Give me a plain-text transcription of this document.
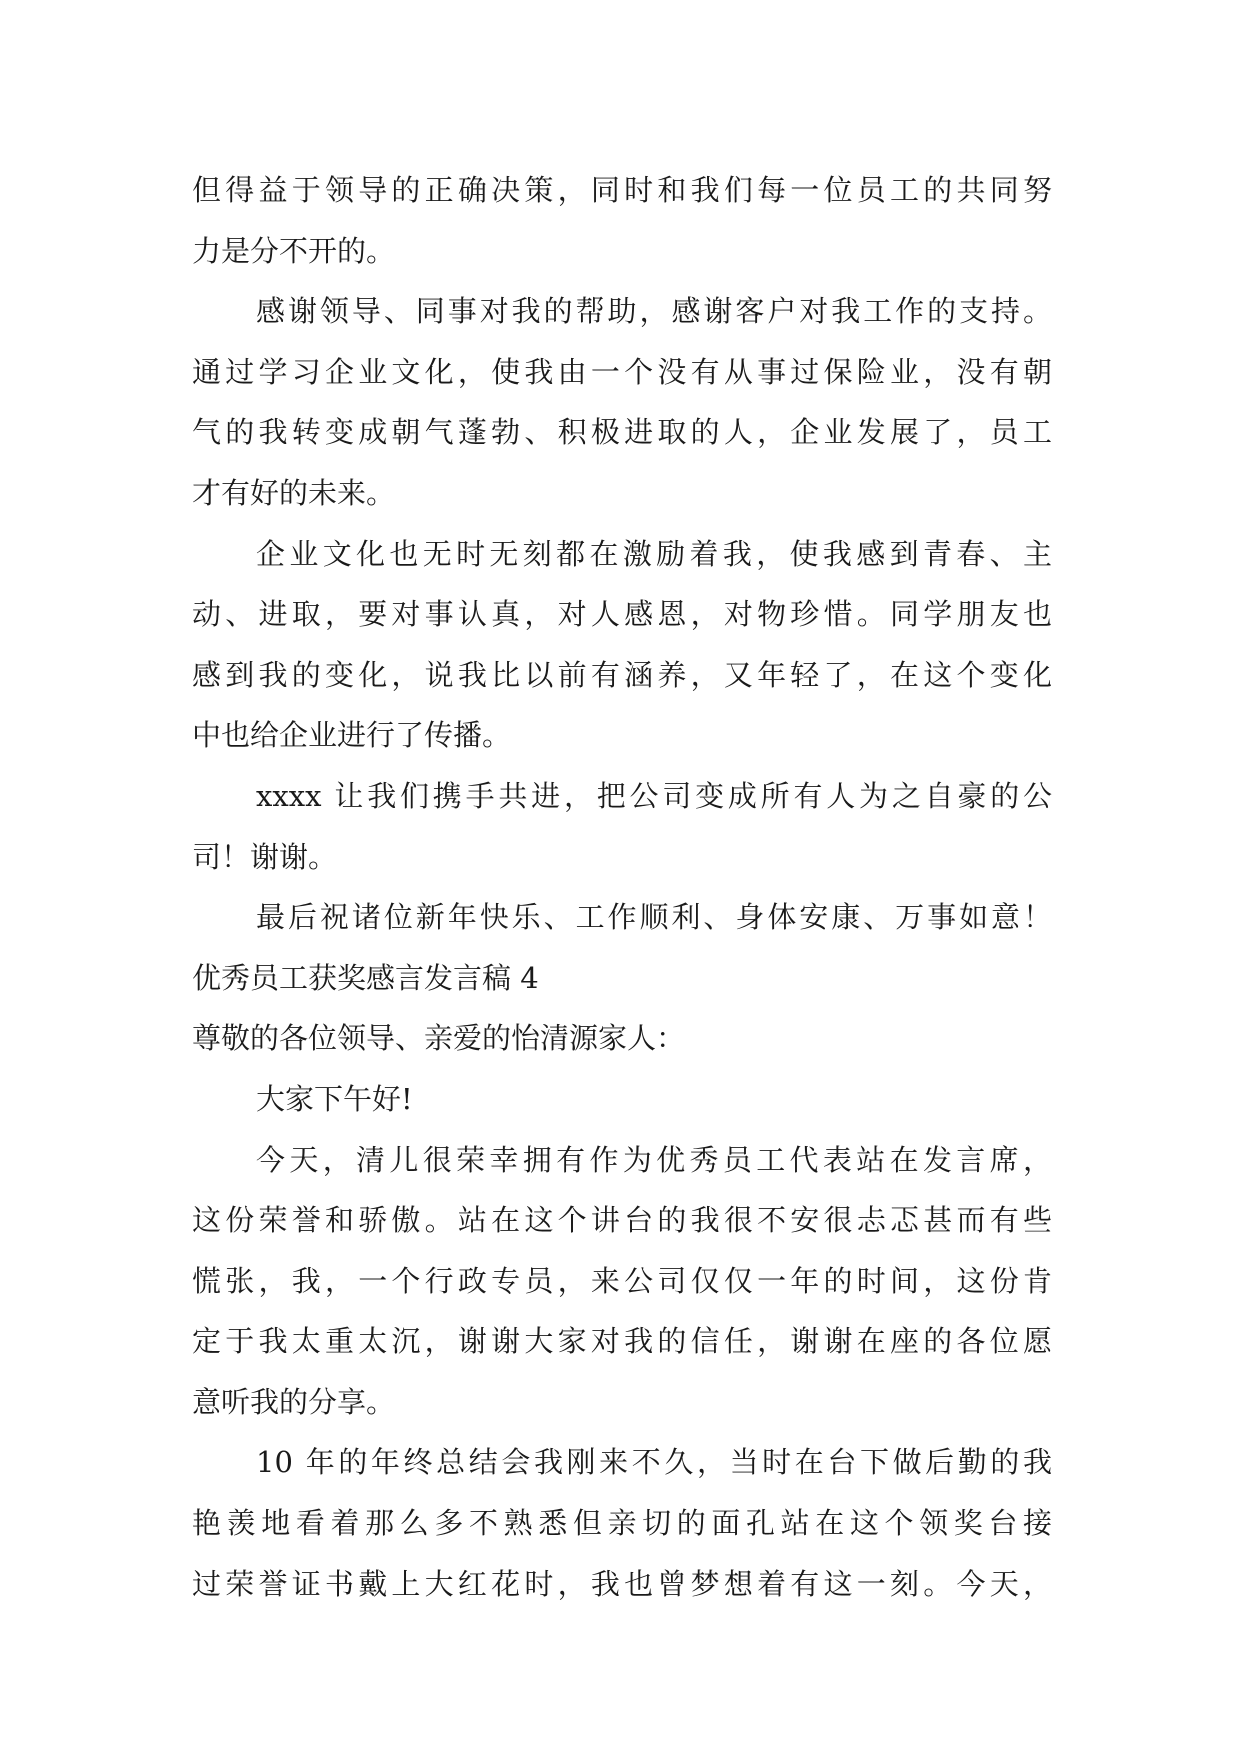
但得益于领导的正确决策，同时和我们每一位员工的共同努
力是分不开的。
感谢领导、同事对我的帮助，感谢客户对我工作的支持。
通过学习企业文化，使我由一个没有从事过保险业，没有朝
气的我转变成朝气蓬勃、积极进取的人，企业发展了，员工
才有好的未来。
企业文化也无时无刻都在激励着我，使我感到青春、主
动、进取，要对事认真，对人感恩，对物珍惜。同学朋友也
感到我的变化，说我比以前有涵养，又年轻了，在这个变化
中也给企业进行了传播。
xxxx 让我们携手共进，把公司变成所有人为之自豪的公
司！谢谢。
最后祝诸位新年快乐、工作顺利、身体安康、万事如意！
优秀员工获奖感言发言稿 4
尊敬的各位领导、亲爱的怡清源家人：
大家下午好!
今天，清儿很荣幸拥有作为优秀员工代表站在发言席，
这份荣誉和骄傲。站在这个讲台的我很不安很忐忑甚而有些
慌张，我，一个行政专员，来公司仅仅一年的时间，这份肯
定于我太重太沉，谢谢大家对我的信任，谢谢在座的各位愿
意听我的分享。
10 年的年终总结会我刚来不久，当时在台下做后勤的我
艳羡地看着那么多不熟悉但亲切的面孔站在这个领奖台接
过荣誉证书戴上大红花时，我也曾梦想着有这一刻。今天，
